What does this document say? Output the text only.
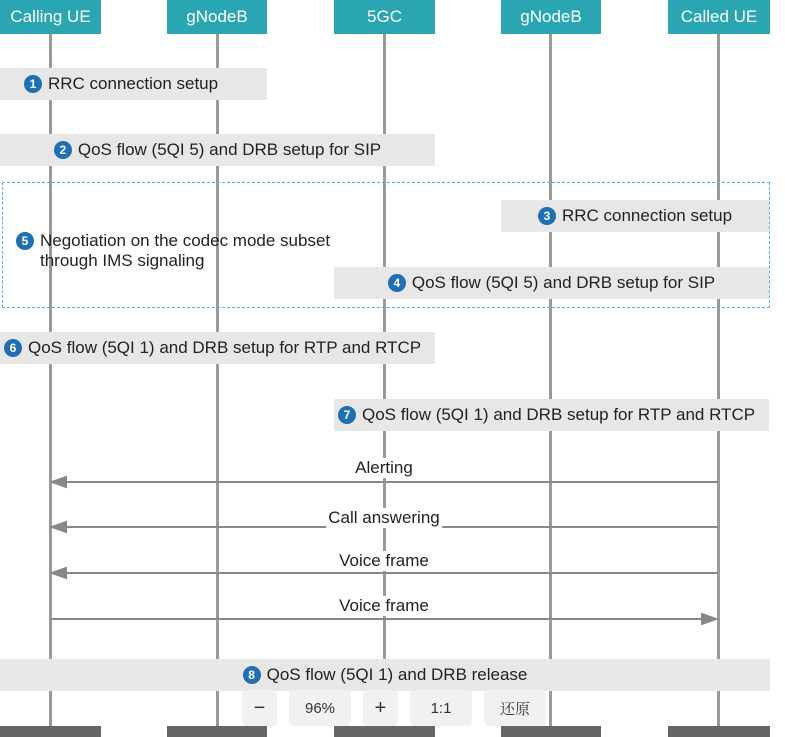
Calling UE	gNodeB	5GC	gNodeB	Called UE
1 RRC connection setup
2 QoS flow (5QI 5) and DRB setup for SIP
3 RRC connection setup
5 Negotiation on the codec mode subset
through IMS signaling
4 QoS flow (5QI 5) and DRB setup for SIP
6 QoS flow (5QI 1) and DRB setup for RTP and RTCP
7 QoS flow (5QI 1) and DRB setup for RTP and RTCP
Alerting
Call answering
Voice frame
Voice frame
8 QoS flow (5QI 1) and DRB release
−	96%	+	1:1	还原
